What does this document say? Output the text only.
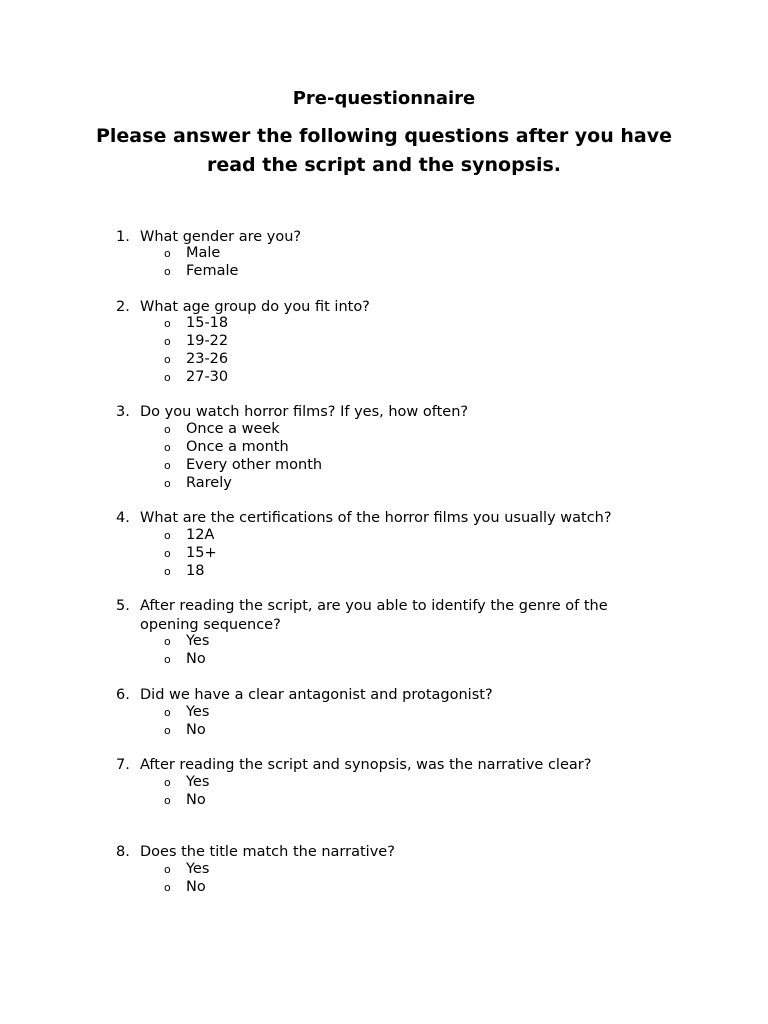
Pre-questionnaire

Please answer the following questions after you have read the script and the synopsis.

1. What gender are you?

o Male
o Female
2. What age group do you fit into?

o 15-18
o 19-22
o 23-26
o 27-30
3. Do you watch horror films? If yes, how often?

o Once a week
o Once a month
o Every other month
o Rarely
4. What are the certifications of the horror films you usually watch?

o 12A
o 15+
o 18
5. After reading the script, are you able to identify the genre of the opening sequence?

o Yes
o No
6. Did we have a clear antagonist and protagonist?

o Yes
o No
7. After reading the script and synopsis, was the narrative clear?

o Yes
o No
8. Does the title match the narrative?

o Yes
o No
